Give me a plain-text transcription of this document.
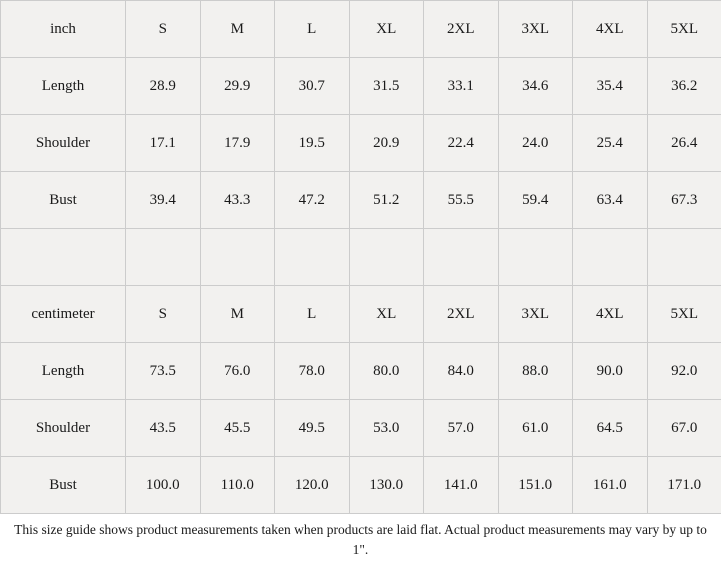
inch	S	M	L	XL	2XL	3XL	4XL	5XL
Length	28.9	29.9	30.7	31.5	33.1	34.6	35.4	36.2
Shoulder	17.1	17.9	19.5	20.9	22.4	24.0	25.4	26.4
Bust	39.4	43.3	47.2	51.2	55.5	59.4	63.4	67.3

centimeter	S	M	L	XL	2XL	3XL	4XL	5XL
Length	73.5	76.0	78.0	80.0	84.0	88.0	90.0	92.0
Shoulder	43.5	45.5	49.5	53.0	57.0	61.0	64.5	67.0
Bust	100.0	110.0	120.0	130.0	141.0	151.0	161.0	171.0
This size guide shows product measurements taken when products are laid flat. Actual product measurements may vary by up to 1".
